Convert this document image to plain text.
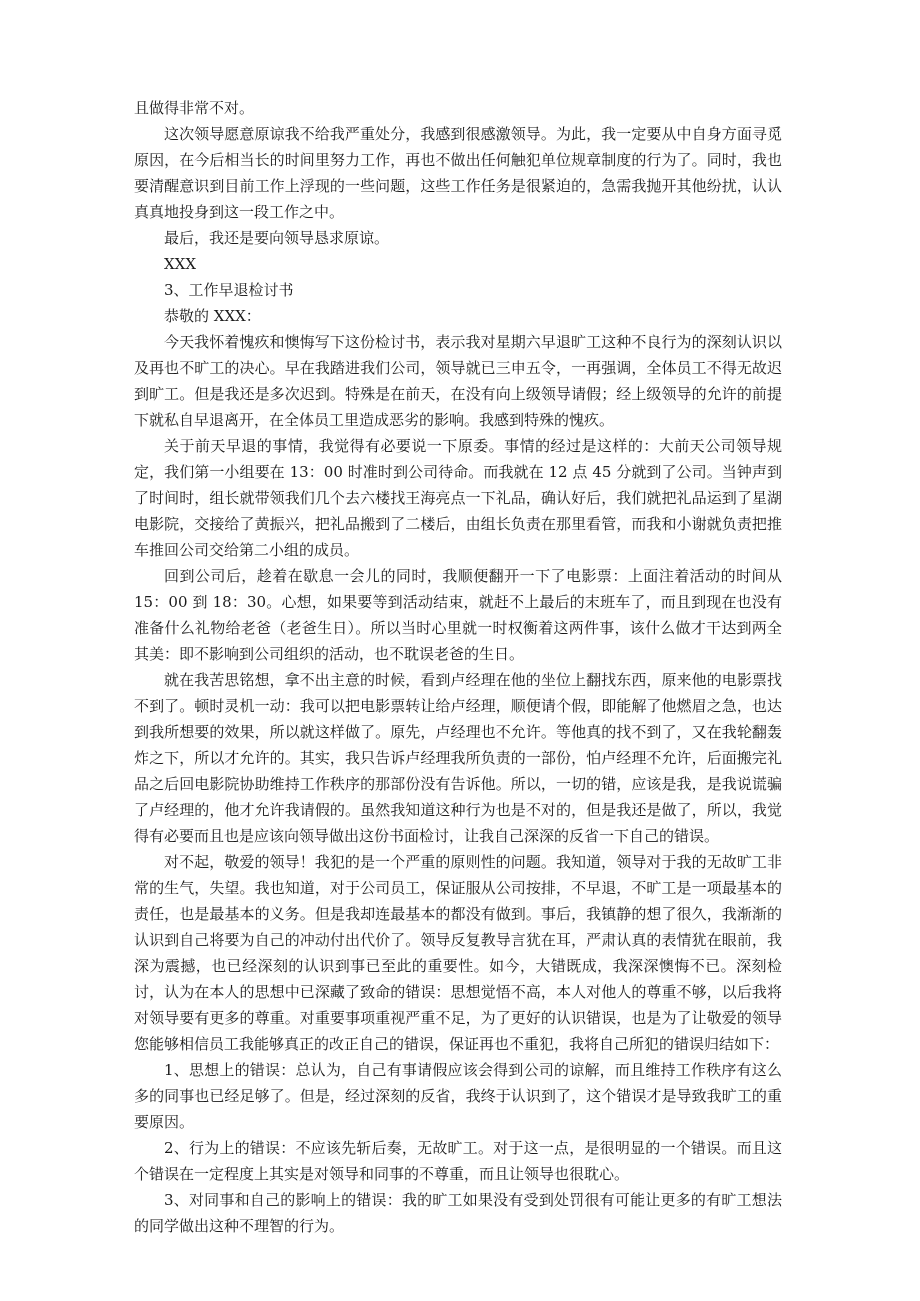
且做得非常不对。

这次领导愿意原谅我不给我严重处分，我感到很感激领导。为此，我一定要从中自身方面寻觅原因，在今后相当长的时间里努力工作，再也不做出任何触犯单位规章制度的行为了。同时，我也要清醒意识到目前工作上浮现的一些问题，这些工作任务是很紧迫的，急需我抛开其他纷扰，认认真真地投身到这一段工作之中。

最后，我还是要向领导恳求原谅。

XXX

3、工作早退检讨书

恭敬的 XXX：

今天我怀着愧疚和懊悔写下这份检讨书，表示我对星期六早退旷工这种不良行为的深刻认识以及再也不旷工的决心。早在我踏进我们公司，领导就已三申五令，一再强调，全体员工不得无故迟到旷工。但是我还是多次迟到。特殊是在前天，在没有向上级领导请假；经上级领导的允许的前提下就私自早退离开，在全体员工里造成恶劣的影响。我感到特殊的愧疚。

关于前天早退的事情，我觉得有必要说一下原委。事情的经过是这样的：大前天公司领导规定，我们第一小组要在 13：00 时准时到公司待命。而我就在 12 点 45 分就到了公司。当钟声到了时间时，组长就带领我们几个去六楼找王海亮点一下礼品，确认好后，我们就把礼品运到了星湖电影院，交接给了黄振兴，把礼品搬到了二楼后，由组长负责在那里看管，而我和小谢就负责把推车推回公司交给第二小组的成员。

回到公司后，趁着在歇息一会儿的同时，我顺便翻开一下了电影票：上面注着活动的时间从 15：00 到 18：30。心想，如果要等到活动结束，就赶不上最后的末班车了，而且到现在也没有准备什么礼物给老爸（老爸生日）。所以当时心里就一时权衡着这两件事，该什么做才干达到两全其美：即不影响到公司组织的活动，也不耽误老爸的生日。

就在我苦思铭想，拿不出主意的时候，看到卢经理在他的坐位上翻找东西，原来他的电影票找不到了。顿时灵机一动：我可以把电影票转让给卢经理，顺便请个假，即能解了他燃眉之急，也达到我所想要的效果，所以就这样做了。原先，卢经理也不允许。等他真的找不到了，又在我轮翻轰炸之下，所以才允许的。其实，我只告诉卢经理我所负责的一部份，怕卢经理不允许，后面搬完礼品之后回电影院协助维持工作秩序的那部份没有告诉他。所以，一切的错，应该是我，是我说谎骗了卢经理的，他才允许我请假的。虽然我知道这种行为也是不对的，但是我还是做了，所以，我觉得有必要而且也是应该向领导做出这份书面检讨，让我自己深深的反省一下自己的错误。

对不起，敬爱的领导！我犯的是一个严重的原则性的问题。我知道，领导对于我的无故旷工非常的生气，失望。我也知道，对于公司员工，保证服从公司按排，不早退，不旷工是一项最基本的责任，也是最基本的义务。但是我却连最基本的都没有做到。事后，我镇静的想了很久，我渐渐的认识到自己将要为自己的冲动付出代价了。领导反复教导言犹在耳，严肃认真的表情犹在眼前，我深为震撼，也已经深刻的认识到事已至此的重要性。如今，大错既成，我深深懊悔不已。深刻检讨，认为在本人的思想中已深藏了致命的错误：思想觉悟不高，本人对他人的尊重不够，以后我将对领导要有更多的尊重。对重要事项重视严重不足，为了更好的认识错误，也是为了让敬爱的领导您能够相信员工我能够真正的改正自己的错误，保证再也不重犯，我将自己所犯的错误归结如下：

1、思想上的错误：总认为，自己有事请假应该会得到公司的谅解，而且维持工作秩序有这么多的同事也已经足够了。但是，经过深刻的反省，我终于认识到了，这个错误才是导致我旷工的重要原因。

2、行为上的错误：不应该先斩后奏，无故旷工。对于这一点，是很明显的一个错误。而且这个错误在一定程度上其实是对领导和同事的不尊重，而且让领导也很耽心。

3、对同事和自己的影响上的错误：我的旷工如果没有受到处罚很有可能让更多的有旷工想法的同学做出这种不理智的行为。
